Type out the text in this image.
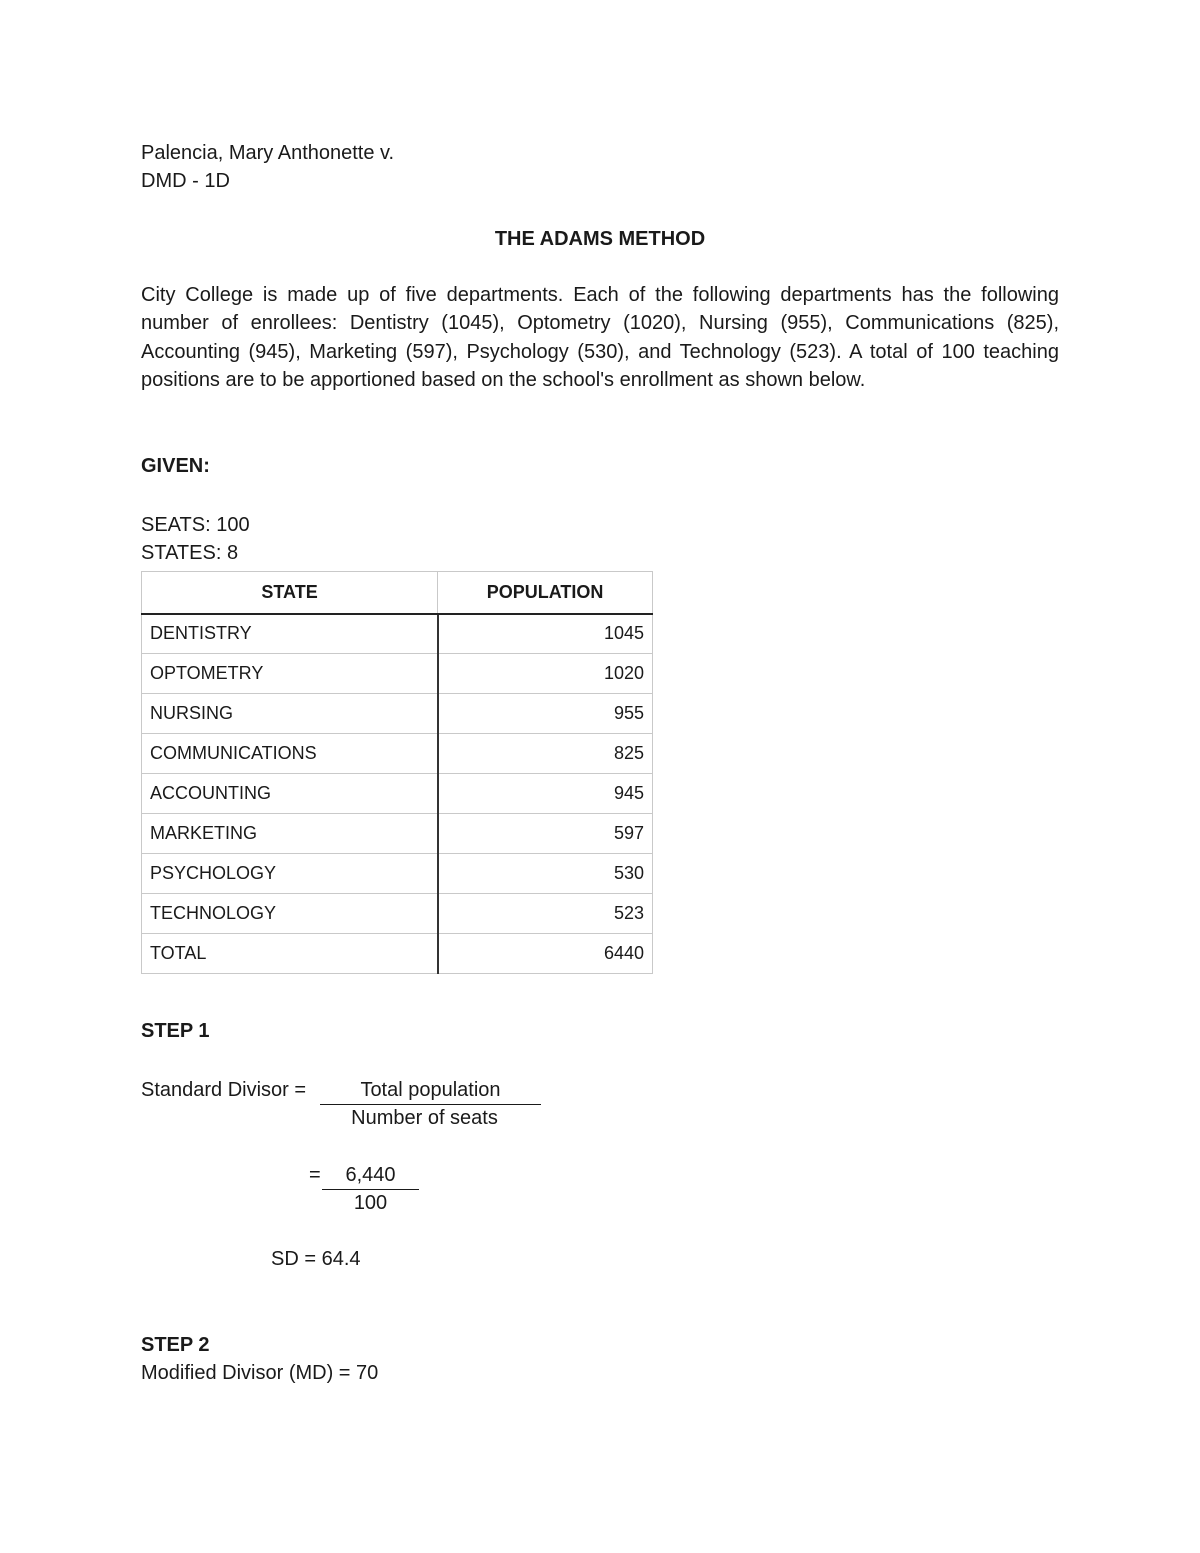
Palencia, Mary Anthonette v.
DMD - 1D
THE ADAMS METHOD
City College is made up of five departments. Each of the following departments has the following number of enrollees: Dentistry (1045), Optometry (1020), Nursing (955), Communications (825), Accounting (945), Marketing (597), Psychology (530), and Technology (523). A total of 100 teaching positions are to be apportioned based on the school's enrollment as shown below.
GIVEN:
SEATS: 100
STATES: 8
STATE	POPULATION
DENTISTRY	1045
OPTOMETRY	1020
NURSING	955
COMMUNICATIONS	825
ACCOUNTING	945
MARKETING	597
PSYCHOLOGY	530
TECHNOLOGY	523
TOTAL	6440
STEP 1
Standard Divisor =	Total population
Number of seats
=	6,440
100
SD = 64.4
STEP 2
Modified Divisor (MD) = 70
